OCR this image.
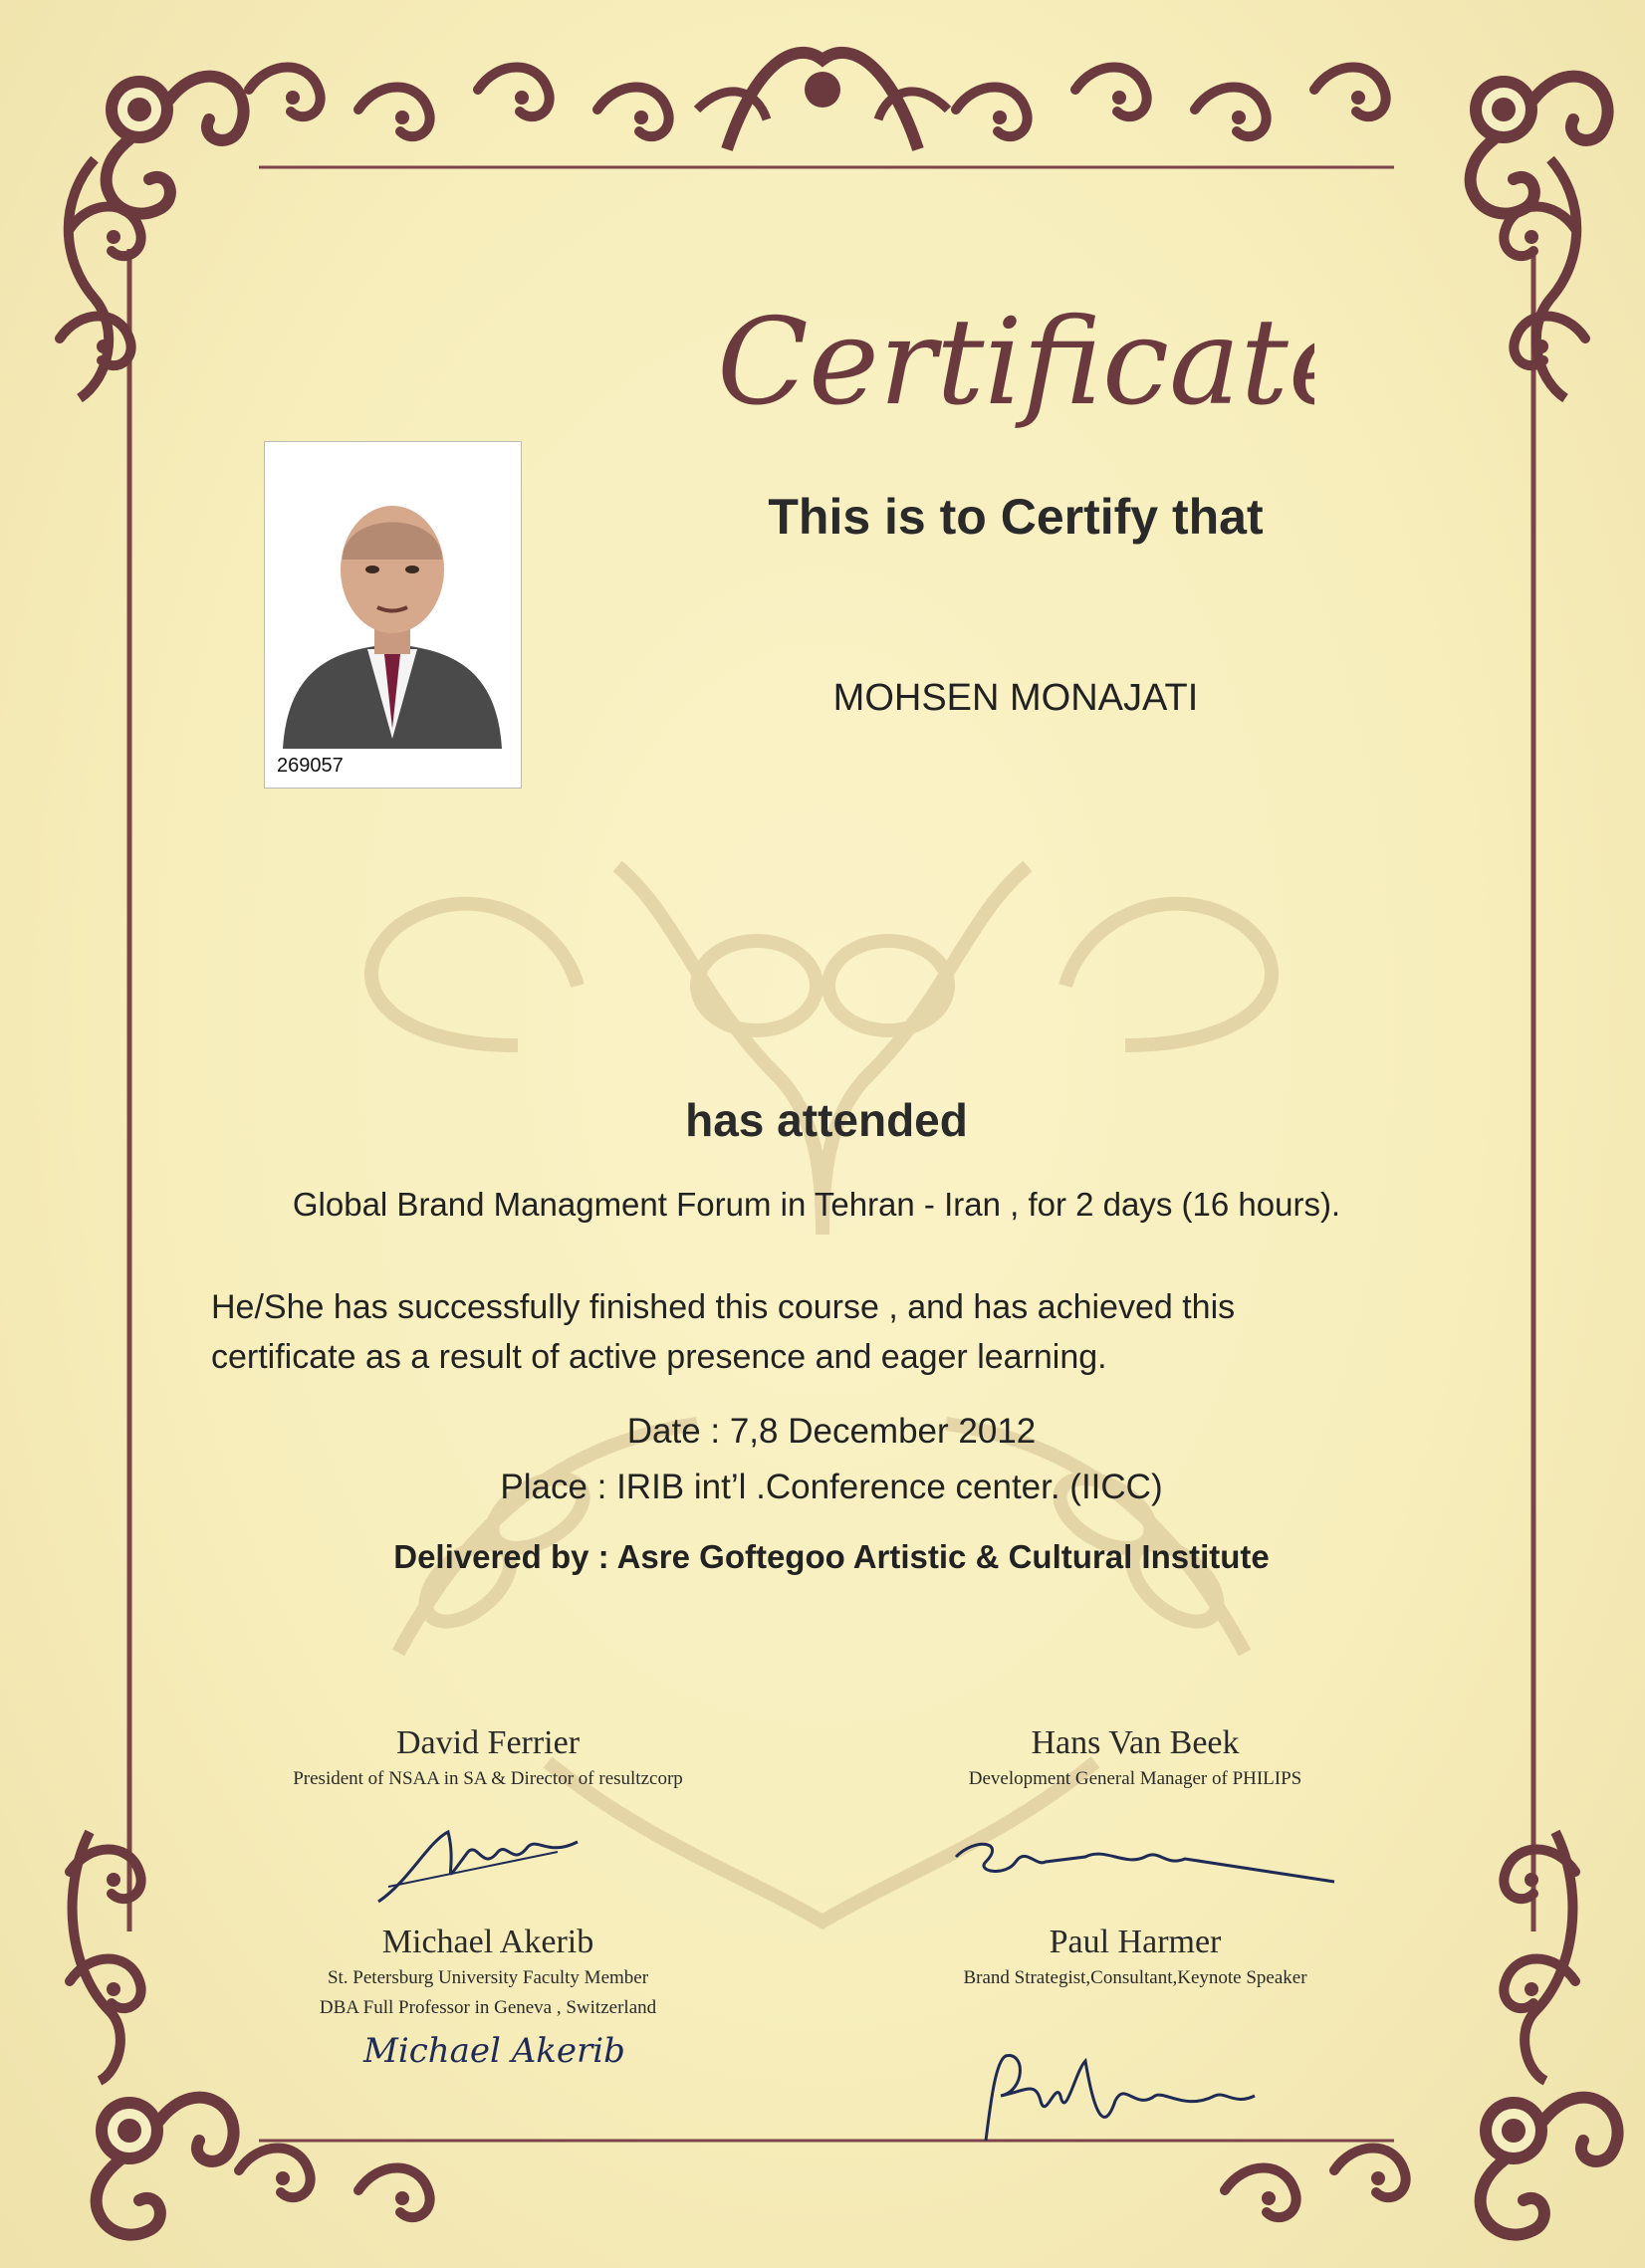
Certificate
269057
This is to Certify that
MOHSEN MONAJATI
has attended
Global Brand Managment Forum in Tehran - Iran , for 2 days (16 hours).
He/She has successfully finished this course , and has achieved this
certificate as a result of active presence and eager learning.
Date : 7,8 December 2012
Place : IRIB int’l .Conference center. (IICC)
Delivered by : Asre Goftegoo Artistic & Cultural Institute
David Ferrier
President of NSAA in SA & Director of resultzcorp
Hans Van Beek
Development General Manager of PHILIPS
Michael Akerib
St. Petersburg University Faculty Member
DBA Full Professor in Geneva , Switzerland
Paul Harmer
Brand Strategist,Consultant,Keynote Speaker
Michael Akerib
